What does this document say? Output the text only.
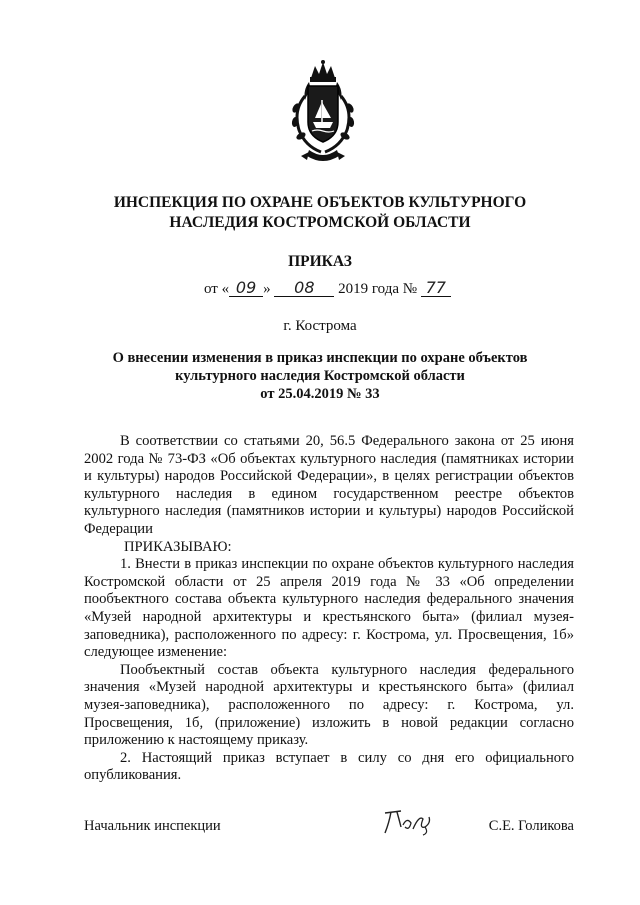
ИНСПЕКЦИЯ ПО ОХРАНЕ ОБЪЕКТОВ КУЛЬТУРНОГО
НАСЛЕДИЯ КОСТРОМСКОЙ ОБЛАСТИ
ПРИКАЗ
от « 09 » 08 2019 года № 77
г. Кострома
О внесении изменения в приказ инспекции по охране объектов
культурного наследия Костромской области
от 25.04.2019 № 33

В соответствии со статьями 20, 56.5 Федерального закона от 25 июня 2002 года № 73-ФЗ «Об объектах культурного наследия (памятниках истории и культуры) народов Российской Федерации», в целях регистрации объектов культурного наследия в едином государственном реестре объектов культурного наследия (памятников истории и культуры) народов Российской Федерации

ПРИКАЗЫВАЮ:

1. Внести в приказ инспекции по охране объектов культурного наследия Костромской области от 25 апреля 2019 года № 33 «Об определении пообъектного состава объекта культурного наследия федерального значения «Музей народной архитектуры и крестьянского быта» (филиал музея-заповедника), расположенного по адресу: г. Кострома, ул. Просвещения, 1б» следующее изменение:

Пообъектный состав объекта культурного наследия федерального значения «Музей народной архитектуры и крестьянского быта» (филиал музея-заповедника), расположенного по адресу: г. Кострома, ул. Просвещения, 1б, (приложение) изложить в новой редакции согласно приложению к настоящему приказу.

2. Настоящий приказ вступает в силу со дня его официального опубликования.

Начальник инспекции	С.Е. Голикова
